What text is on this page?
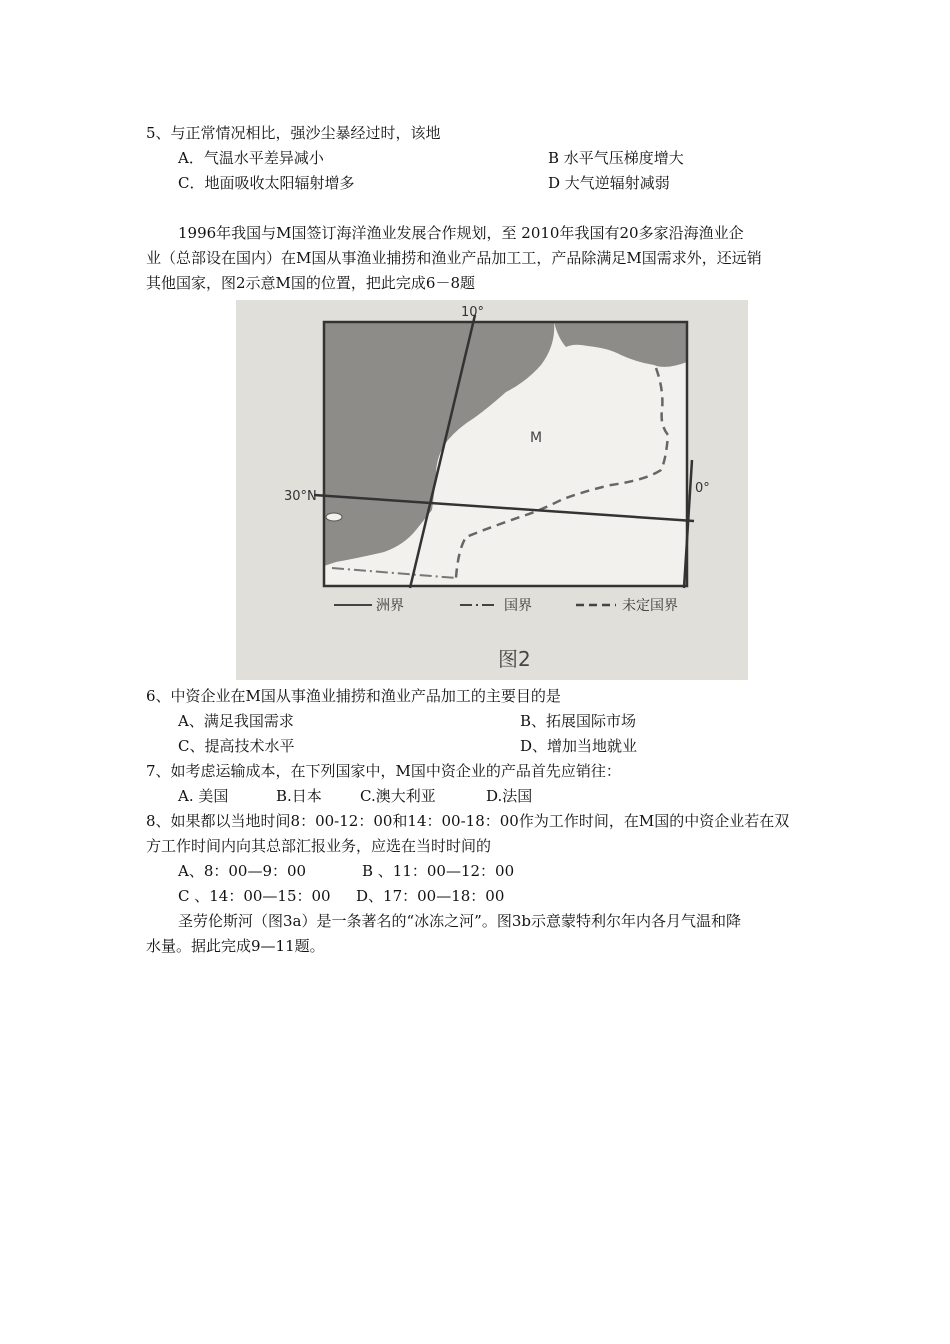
5、与正常情况相比，强沙尘暴经过时，该地
A．气温水平差异减小	B 水平气压梯度增大
C．地面吸收太阳辐射增多	D 大气逆辐射减弱
1996年我国与M国签订海洋渔业发展合作规划，至 2010年我国有20多家沿海渔业企
业（总部设在国内）在M国从事渔业捕捞和渔业产品加工工，产品除满足M国需求外，还远销
其他国家，图2示意M国的位置，把此完成6－8题
10°
0°
30°N
M
洲界	国界	未定国界
图2
6、中资企业在M国从事渔业捕捞和渔业产品加工的主要目的是
A、满足我国需求	B、拓展国际市场
C、提高技术水平	D、增加当地就业
7、如考虑运输成本，在下列国家中，M国中资企业的产品首先应销往：
A. 美国	B.日本	C.澳大利亚	D.法国
8、如果都以当地时间8：00-12：00和14：00-18：00作为工作时间，在M国的中资企业若在双
方工作时间内向其总部汇报业务，应选在当时时间的
A、8：00—9：00	B 、11：00—12：00
C 、14：00—15：00 D、17：00—18：00
圣劳伦斯河（图3a）是一条著名的“冰冻之河”。图3b示意蒙特利尔年内各月气温和降
水量。据此完成9—11题。
